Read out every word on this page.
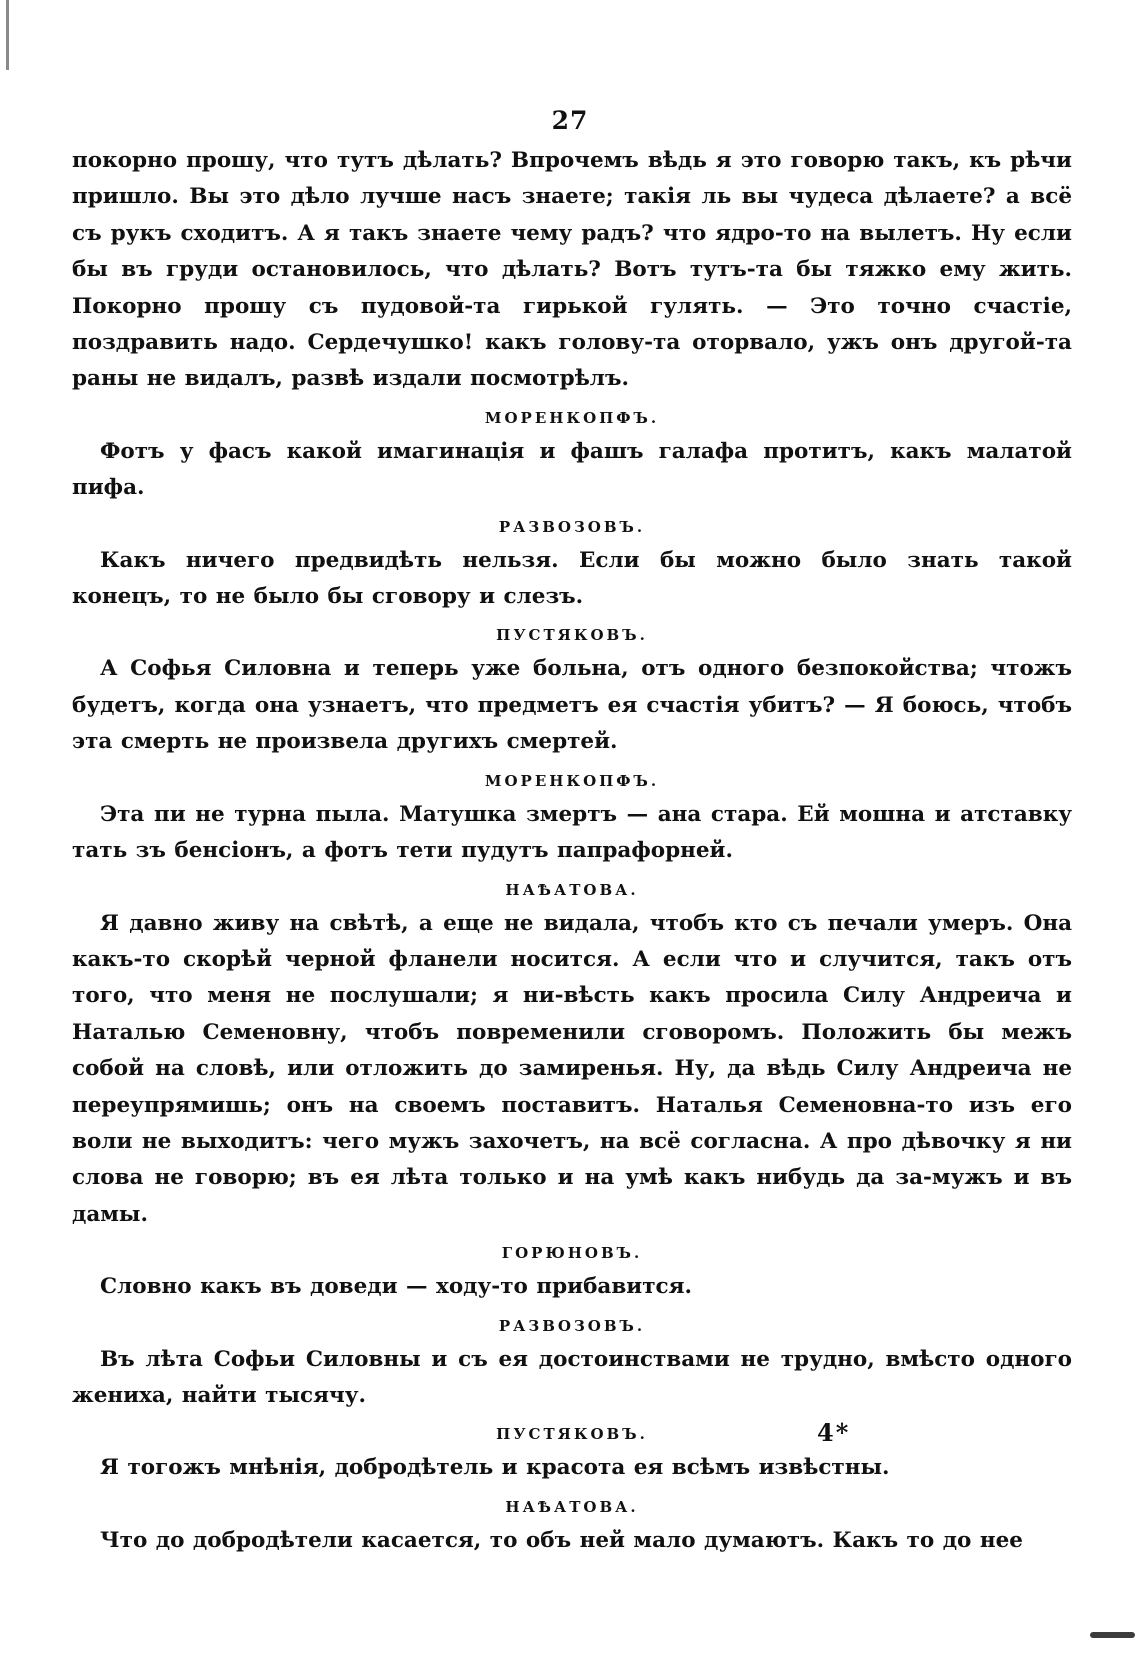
27

покорно прошу, что тутъ дѣлать? Впрочемъ вѣдь я это говорю такъ, къ рѣчи пришло. Вы это дѣло лучше насъ знаете; такія ль вы чудеса дѣлаете? а всё съ рукъ сходитъ. А я такъ знаете чему радъ? что ядро-то на вылетъ. Ну если бы въ груди остановилось, что дѣлать? Вотъ тутъ-та бы тяжко ему жить. Покорно прошу съ пудовой-та гирькой гулять. — Это точно счастіе, поздравить надо. Сердечушко! какъ голову-та оторвало, ужъ онъ другой-та раны не видалъ, развѣ издали посмотрѣлъ.

МОРЕНКОПФЪ.

Фотъ у фасъ какой имагинація и фашъ галафа протитъ, какъ малатой пифа.

РАЗВОЗОВЪ.

Какъ ничего предвидѣть нельзя. Если бы можно было знать такой конецъ, то не было бы сговору и слезъ.

ПУСТЯКОВЪ.

А Софья Силовна и теперь уже больна, отъ одного безпокойства; чтожъ будетъ, когда она узнаетъ, что предметъ ея счастія убитъ? — Я боюсь, чтобъ эта смерть не произвела другихъ смертей.

МОРЕНКОПФЪ.

Эта пи не турна пыла. Матушка змертъ — ана стара. Ей мошна и атставку тать зъ бенсіонъ, а фотъ тети пудутъ папрафорней.

НАѢАТОВА.

Я давно живу на свѣтѣ, а еще не видала, чтобъ кто съ печали умеръ. Она какъ-то скорѣй черной фланели носится. А если что и случится, такъ отъ того, что меня не послушали; я ни-вѣсть какъ просила Силу Андреича и Наталью Семеновну, чтобъ повременили сговоромъ. Положить бы межъ собой на словѣ, или отложить до замиренья. Ну, да вѣдь Силу Андреича не переупрямишь; онъ на своемъ поставитъ. Наталья Семеновна-то изъ его воли не выходитъ: чего мужъ захочетъ, на всё согласна. А про дѣвочку я ни слова не говорю; въ ея лѣта только и на умѣ какъ нибудь да за-мужъ и въ дамы.

ГОРЮНОВЪ.

Словно какъ въ доведи — ходу-то прибавится.

РАЗВОЗОВЪ.

Въ лѣта Софьи Силовны и съ ея достоинствами не трудно, вмѣсто одного жениха, найти тысячу.

ПУСТЯКОВЪ.

Я тогожъ мнѣнія, добродѣтель и красота ея всѣмъ извѣстны.

НАѢАТОВА.

Что до добродѣтели касается, то объ ней мало думаютъ. Какъ то до нее

4*
